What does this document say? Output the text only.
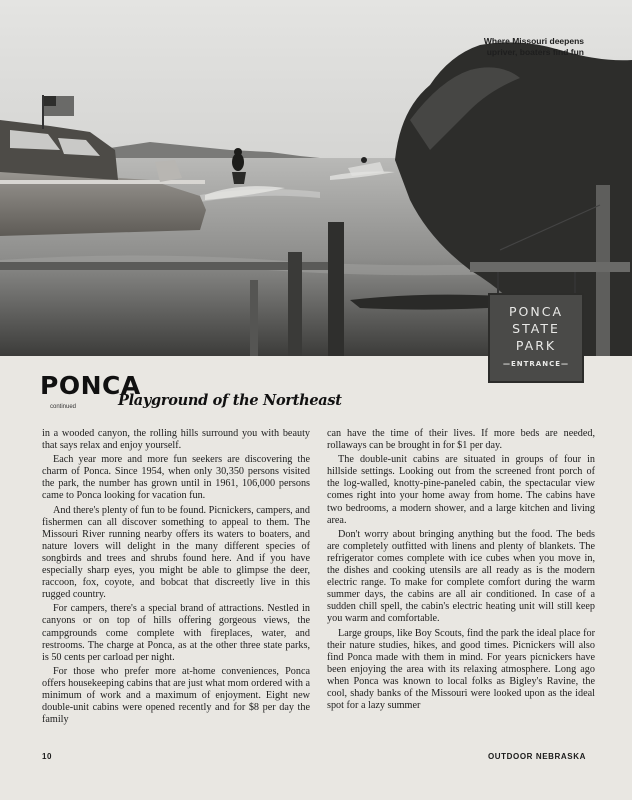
Where Missouri deepens upriver, boaters find fun
PONCA
STATE
PARK
—ENTRANCE—
PONCA
Playground of the Northeast
continued

in a wooded canyon, the rolling hills surround you with beauty that says relax and enjoy yourself.

Each year more and more fun seekers are discovering the charm of Ponca. Since 1954, when only 30,350 persons visited the park, the number has grown until in 1961, 106,000 persons came to Ponca looking for vacation fun.

And there's plenty of fun to be found. Picnickers, campers, and fishermen can all discover something to appeal to them. The Missouri River running nearby offers its waters to boaters, and nature lovers will delight in the many different species of songbirds and trees and shrubs found here. And if you have especially sharp eyes, you might be able to glimpse the deer, raccoon, fox, coyote, and bobcat that discreetly live in this rugged country.

For campers, there's a special brand of attractions. Nestled in canyons or on top of hills offering gorgeous views, the campgrounds come complete with fireplaces, water, and restrooms. The charge at Ponca, as at the other three state parks, is 50 cents per carload per night.

For those who prefer more at-home conveniences, Ponca offers housekeeping cabins that are just what mom ordered with a minimum of work and a maximum of enjoyment. Eight new double-unit cabins were opened recently and for $8 per day the family

can have the time of their lives. If more beds are needed, rollaways can be brought in for $1 per day.

The double-unit cabins are situated in groups of four in hillside settings. Looking out from the screened front porch of the log-walled, knotty-pine-paneled cabin, the spectacular view comes right into your home away from home. The cabins have two bedrooms, a modern shower, and a large kitchen and living area.

Don't worry about bringing anything but the food. The beds are completely outfitted with linens and plenty of blankets. The refrigerator comes complete with ice cubes when you move in, the dishes and cooking utensils are all ready as is the modern electric range. To make for complete comfort during the warm summer days, the cabins are all air conditioned. In case of a sudden chill spell, the cabin's electric heating unit will still keep you warm and comfortable.

Large groups, like Boy Scouts, find the park the ideal place for their nature studies, hikes, and good times. Picnickers will also find Ponca made with them in mind. For years picnickers have been enjoying the area with its relaxing atmosphere. Long ago when Ponca was known to local folks as Bigley's Ravine, the cool, shady banks of the Missouri were looked upon as the ideal spot for a lazy summer

10	OUTDOOR NEBRASKA
